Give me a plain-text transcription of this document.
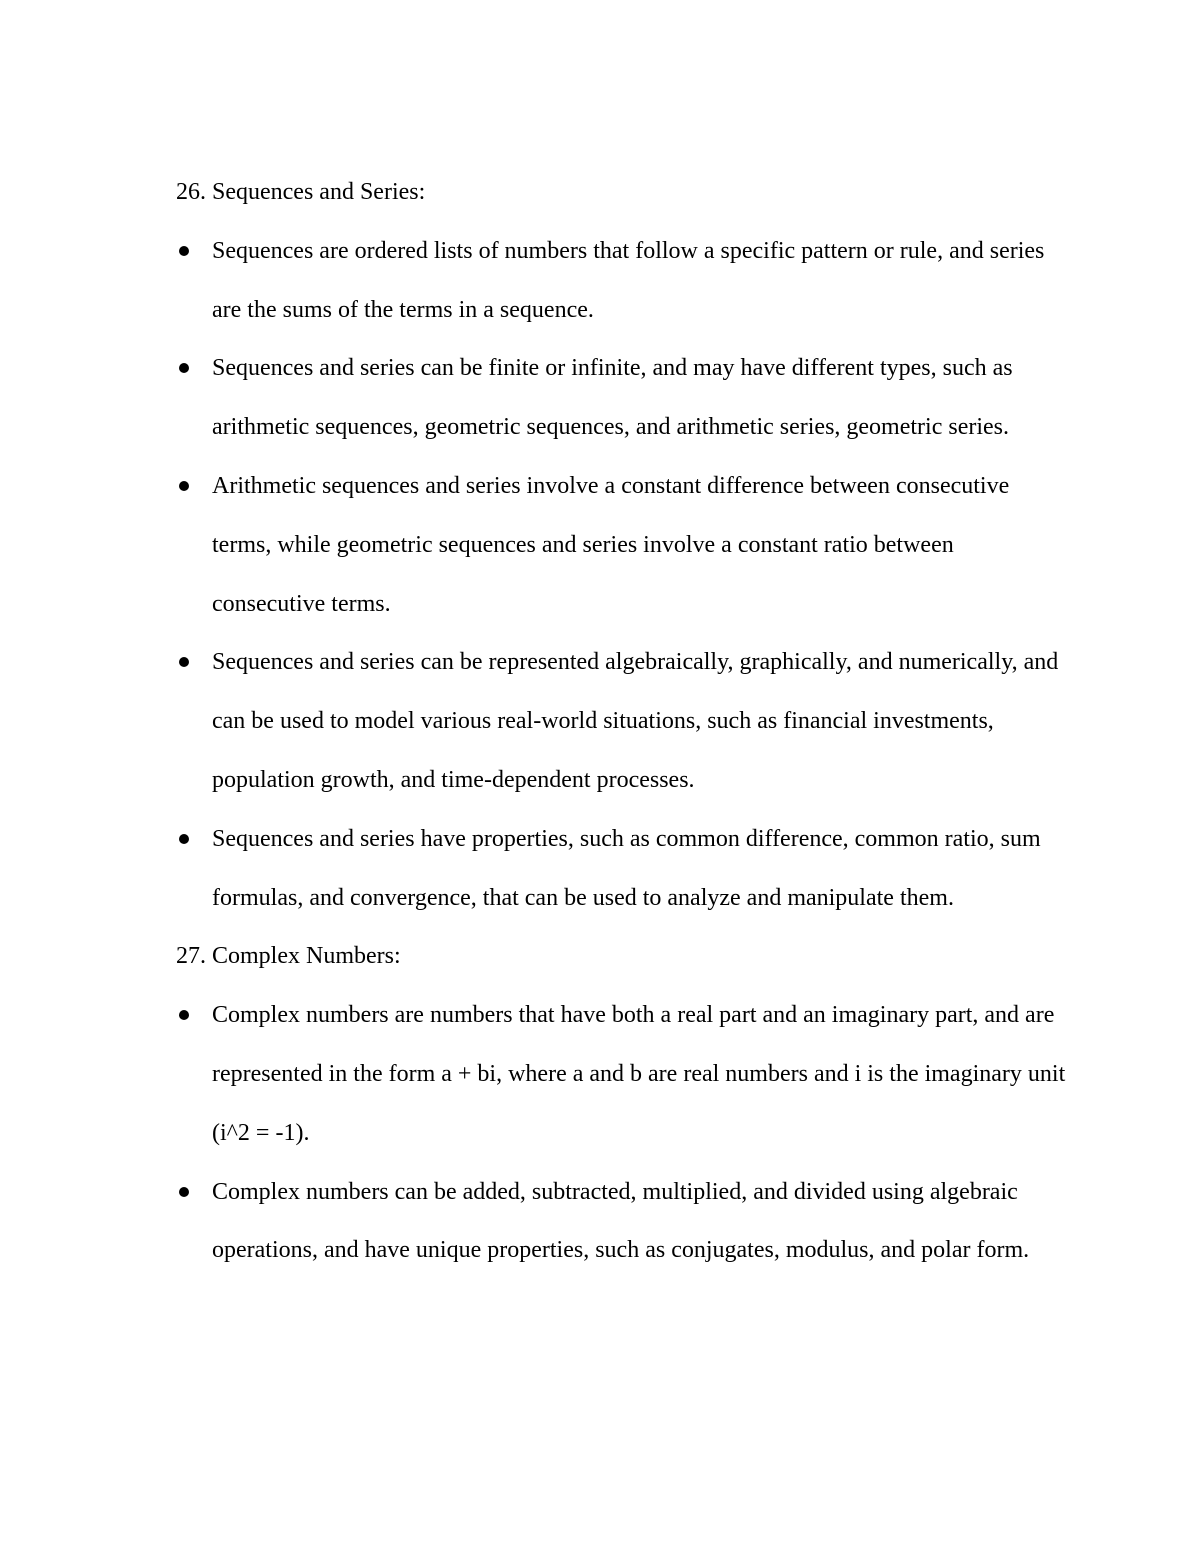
26. Sequences and Series:
Sequences are ordered lists of numbers that follow a specific pattern or rule, and series are the sums of the terms in a sequence.
Sequences and series can be finite or infinite, and may have different types, such as arithmetic sequences, geometric sequences, and arithmetic series, geometric series.
Arithmetic sequences and series involve a constant difference between consecutive terms, while geometric sequences and series involve a constant ratio between consecutive terms.
Sequences and series can be represented algebraically, graphically, and numerically, and can be used to model various real-world situations, such as financial investments, population growth, and time-dependent processes.
Sequences and series have properties, such as common difference, common ratio, sum formulas, and convergence, that can be used to analyze and manipulate them.
27. Complex Numbers:
Complex numbers are numbers that have both a real part and an imaginary part, and are represented in the form a + bi, where a and b are real numbers and i is the imaginary unit (i^2 = -1).
Complex numbers can be added, subtracted, multiplied, and divided using algebraic operations, and have unique properties, such as conjugates, modulus, and polar form.
